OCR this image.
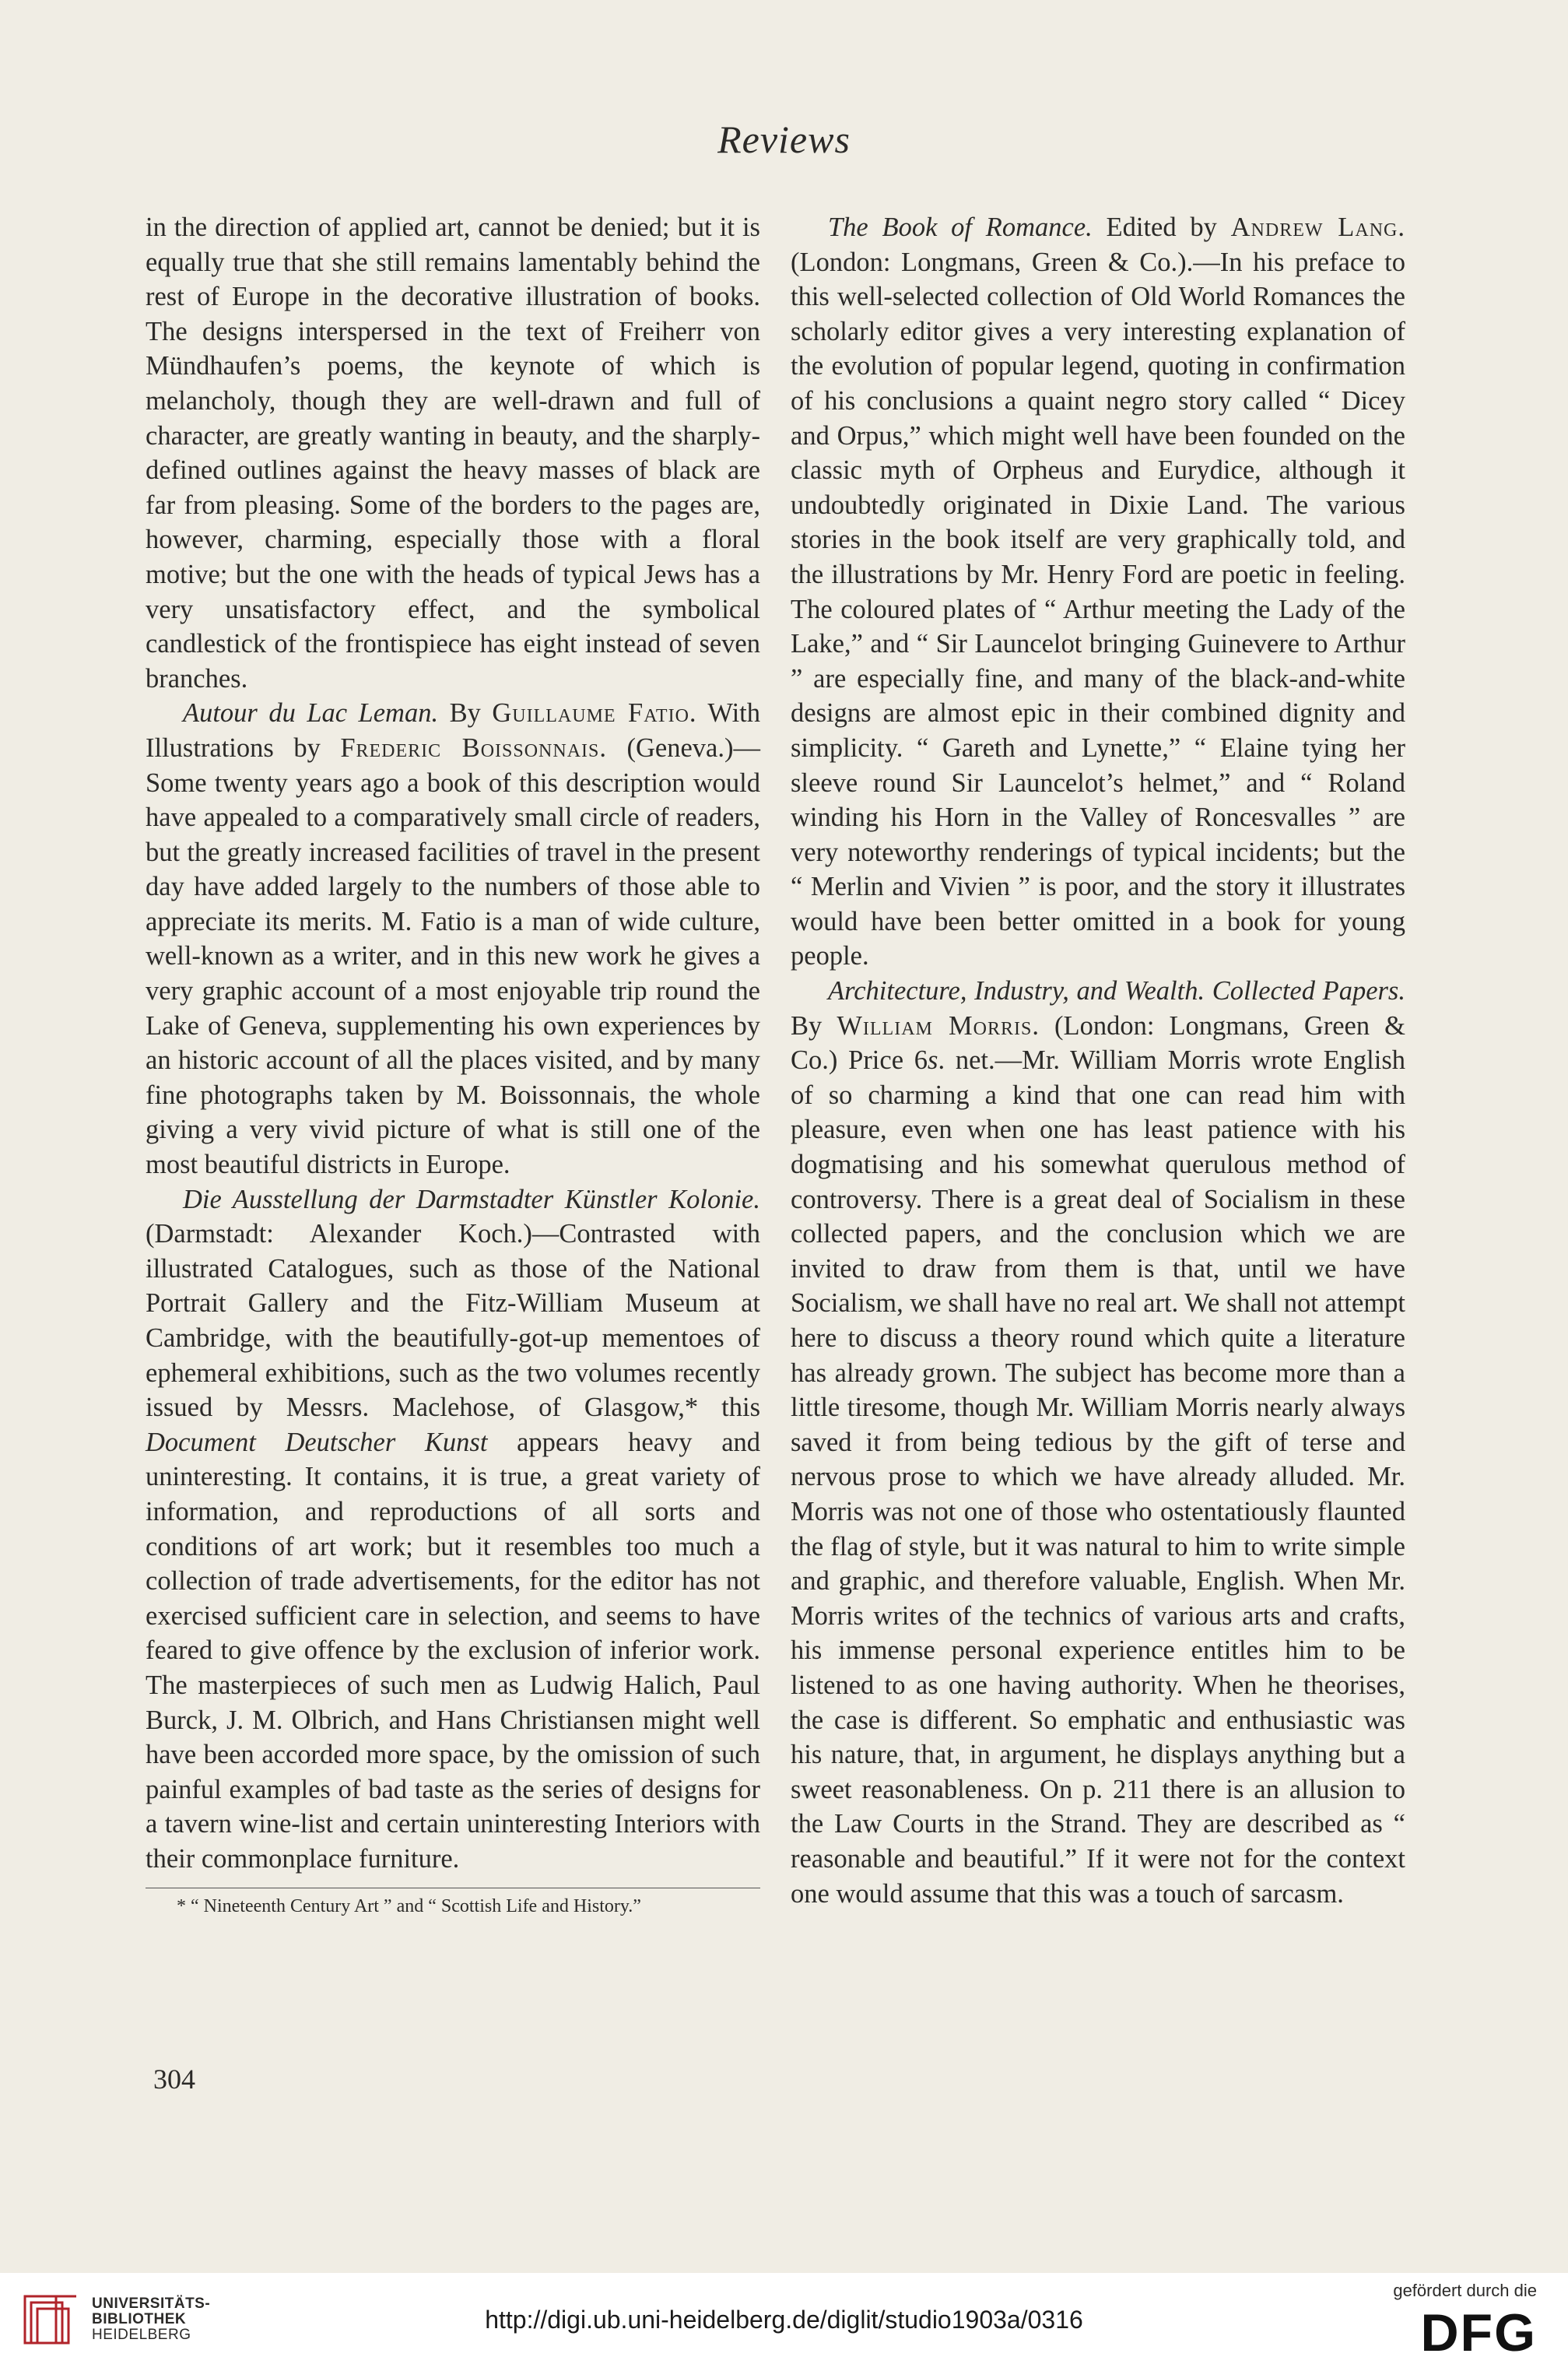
Reviews

in the direction of applied art, cannot be denied; but it is equally true that she still remains lamentably behind the rest of Europe in the decorative illustration of books. The designs interspersed in the text of Freiherr von Mündhaufen’s poems, the keynote of which is melancholy, though they are well-drawn and full of character, are greatly wanting in beauty, and the sharply-defined outlines against the heavy masses of black are far from pleasing. Some of the borders to the pages are, however, charming, especially those with a floral motive; but the one with the heads of typical Jews has a very unsatisfactory effect, and the symbolical candlestick of the frontispiece has eight instead of seven branches.

Autour du Lac Leman. By Guillaume Fatio. With Illustrations by Frederic Boissonnais. (Geneva.)—Some twenty years ago a book of this description would have appealed to a comparatively small circle of readers, but the greatly increased facilities of travel in the present day have added largely to the numbers of those able to appreciate its merits. M. Fatio is a man of wide culture, well-known as a writer, and in this new work he gives a very graphic account of a most enjoyable trip round the Lake of Geneva, supplementing his own experiences by an historic account of all the places visited, and by many fine photographs taken by M. Boissonnais, the whole giving a very vivid picture of what is still one of the most beautiful districts in Europe.

Die Ausstellung der Darmstadter Künstler Kolonie. (Darmstadt: Alexander Koch.)—Contrasted with illustrated Catalogues, such as those of the National Portrait Gallery and the Fitz-William Museum at Cambridge, with the beautifully-got-up mementoes of ephemeral exhibitions, such as the two volumes recently issued by Messrs. Maclehose, of Glasgow,* this Document Deutscher Kunst appears heavy and uninteresting. It contains, it is true, a great variety of information, and reproductions of all sorts and conditions of art work; but it resembles too much a collection of trade advertisements, for the editor has not exercised sufficient care in selection, and seems to have feared to give offence by the exclusion of inferior work. The masterpieces of such men as Ludwig Halich, Paul Burck, J. M. Olbrich, and Hans Christiansen might well have been accorded more space, by the omission of such painful examples of bad taste as the series of designs for a tavern wine-list and certain uninteresting Interiors with their commonplace furniture.

* “ Nineteenth Century Art ” and “ Scottish Life and History.”

The Book of Romance. Edited by Andrew Lang. (London: Longmans, Green & Co.).—In his preface to this well-selected collection of Old World Romances the scholarly editor gives a very interesting explanation of the evolution of popular legend, quoting in confirmation of his conclusions a quaint negro story called “ Dicey and Orpus,” which might well have been founded on the classic myth of Orpheus and Eurydice, although it undoubtedly originated in Dixie Land. The various stories in the book itself are very graphically told, and the illustrations by Mr. Henry Ford are poetic in feeling. The coloured plates of “ Arthur meeting the Lady of the Lake,” and “ Sir Launcelot bringing Guinevere to Arthur ” are especially fine, and many of the black-and-white designs are almost epic in their combined dignity and simplicity. “ Gareth and Lynette,” “ Elaine tying her sleeve round Sir Launcelot’s helmet,” and “ Roland winding his Horn in the Valley of Roncesvalles ” are very noteworthy renderings of typical incidents; but the “ Merlin and Vivien ” is poor, and the story it illustrates would have been better omitted in a book for young people.

Architecture, Industry, and Wealth. Collected Papers. By William Morris. (London: Longmans, Green & Co.) Price 6s. net.—Mr. William Morris wrote English of so charming a kind that one can read him with pleasure, even when one has least patience with his dogmatising and his somewhat querulous method of controversy. There is a great deal of Socialism in these collected papers, and the conclusion which we are invited to draw from them is that, until we have Socialism, we shall have no real art. We shall not attempt here to discuss a theory round which quite a literature has already grown. The subject has become more than a little tiresome, though Mr. William Morris nearly always saved it from being tedious by the gift of terse and nervous prose to which we have already alluded. Mr. Morris was not one of those who ostentatiously flaunted the flag of style, but it was natural to him to write simple and graphic, and therefore valuable, English. When Mr. Morris writes of the technics of various arts and crafts, his immense personal experience entitles him to be listened to as one having authority. When he theorises, the case is different. So emphatic and enthusiastic was his nature, that, in argument, he displays anything but a sweet reasonableness. On p. 211 there is an allusion to the Law Courts in the Strand. They are described as “ reasonable and beautiful.” If it were not for the context one would assume that this was a touch of sarcasm.

304
UNIVERSITÄTS-
BIBLIOTHEK
HEIDELBERG
http://digi.ub.uni-heidelberg.de/diglit/studio1903a/0316
gefördert durch die
DFG
